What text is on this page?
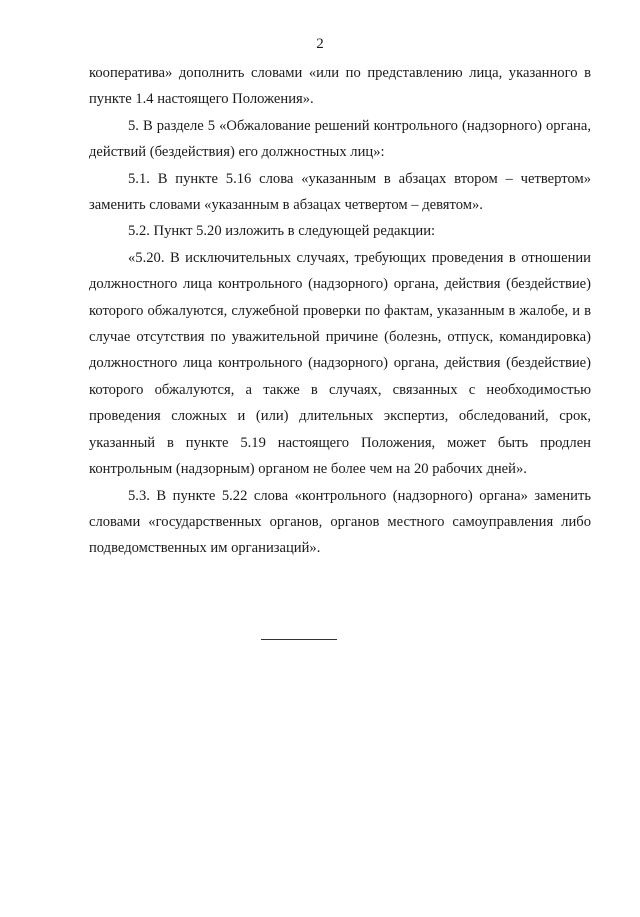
2

кооператива» дополнить словами «или по представлению лица, указанного в пункте 1.4 настоящего Положения».

5. В разделе 5 «Обжалование решений контрольного (надзорного) органа, действий (бездействия) его должностных лиц»:

5.1. В пункте 5.16 слова «указанным в абзацах втором – четвертом» заменить словами «указанным в абзацах четвертом – девятом».

5.2. Пункт 5.20 изложить в следующей редакции:

«5.20. В исключительных случаях, требующих проведения в отношении должностного лица контрольного (надзорного) органа, действия (бездействие) которого обжалуются, служебной проверки по фактам, указанным в жалобе, и в случае отсутствия по уважительной причине (болезнь, отпуск, командировка) должностного лица контрольного (надзорного) органа, действия (бездействие) которого обжалуются, а также в случаях, связанных с необходимостью проведения сложных и (или) длительных экспертиз, обследований, срок, указанный в пункте 5.19 настоящего Положения, может быть продлен контрольным (надзорным) органом не более чем на 20 рабочих дней».

5.3. В пункте 5.22 слова «контрольного (надзорного) органа» заменить словами «государственных органов, органов местного самоуправления либо подведомственных им организаций».
